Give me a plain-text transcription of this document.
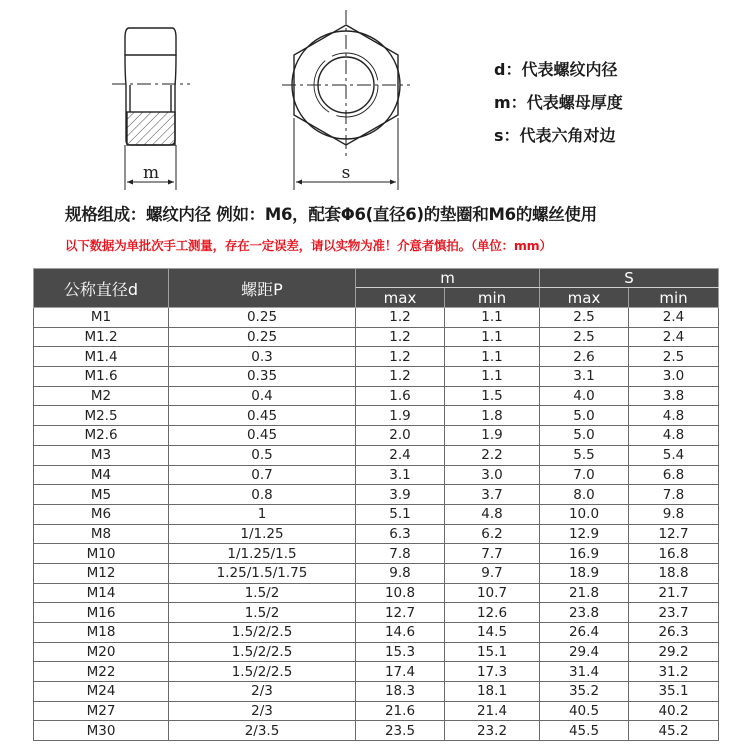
m	s
d：代表螺纹内径
m：代表螺母厚度
s：代表六角对边
规格组成：螺纹内径 例如：M6，配套Φ6(直径6)的垫圈和M6的螺丝使用
以下数据为单批次手工测量，存在一定误差，请以实物为准！介意者慎拍。（单位：mm）
公称直径d	螺距P	m		S	
		max	min	max	min
M1	0.25	1.2	1.1	2.5	2.4
M1.2	0.25	1.2	1.1	2.5	2.4
M1.4	0.3	1.2	1.1	2.6	2.5
M1.6	0.35	1.2	1.1	3.1	3.0
M2	0.4	1.6	1.5	4.0	3.8
M2.5	0.45	1.9	1.8	5.0	4.8
M2.6	0.45	2.0	1.9	5.0	4.8
M3	0.5	2.4	2.2	5.5	5.4
M4	0.7	3.1	3.0	7.0	6.8
M5	0.8	3.9	3.7	8.0	7.8
M6	1	5.1	4.8	10.0	9.8
M8	1/1.25	6.3	6.2	12.9	12.7
M10	1/1.25/1.5	7.8	7.7	16.9	16.8
M12	1.25/1.5/1.75	9.8	9.7	18.9	18.8
M14	1.5/2	10.8	10.7	21.8	21.7
M16	1.5/2	12.7	12.6	23.8	23.7
M18	1.5/2/2.5	14.6	14.5	26.4	26.3
M20	1.5/2/2.5	15.3	15.1	29.4	29.2
M22	1.5/2/2.5	17.4	17.3	31.4	31.2
M24	2/3	18.3	18.1	35.2	35.1
M27	2/3	21.6	21.4	40.5	40.2
M30	2/3.5	23.5	23.2	45.5	45.2
